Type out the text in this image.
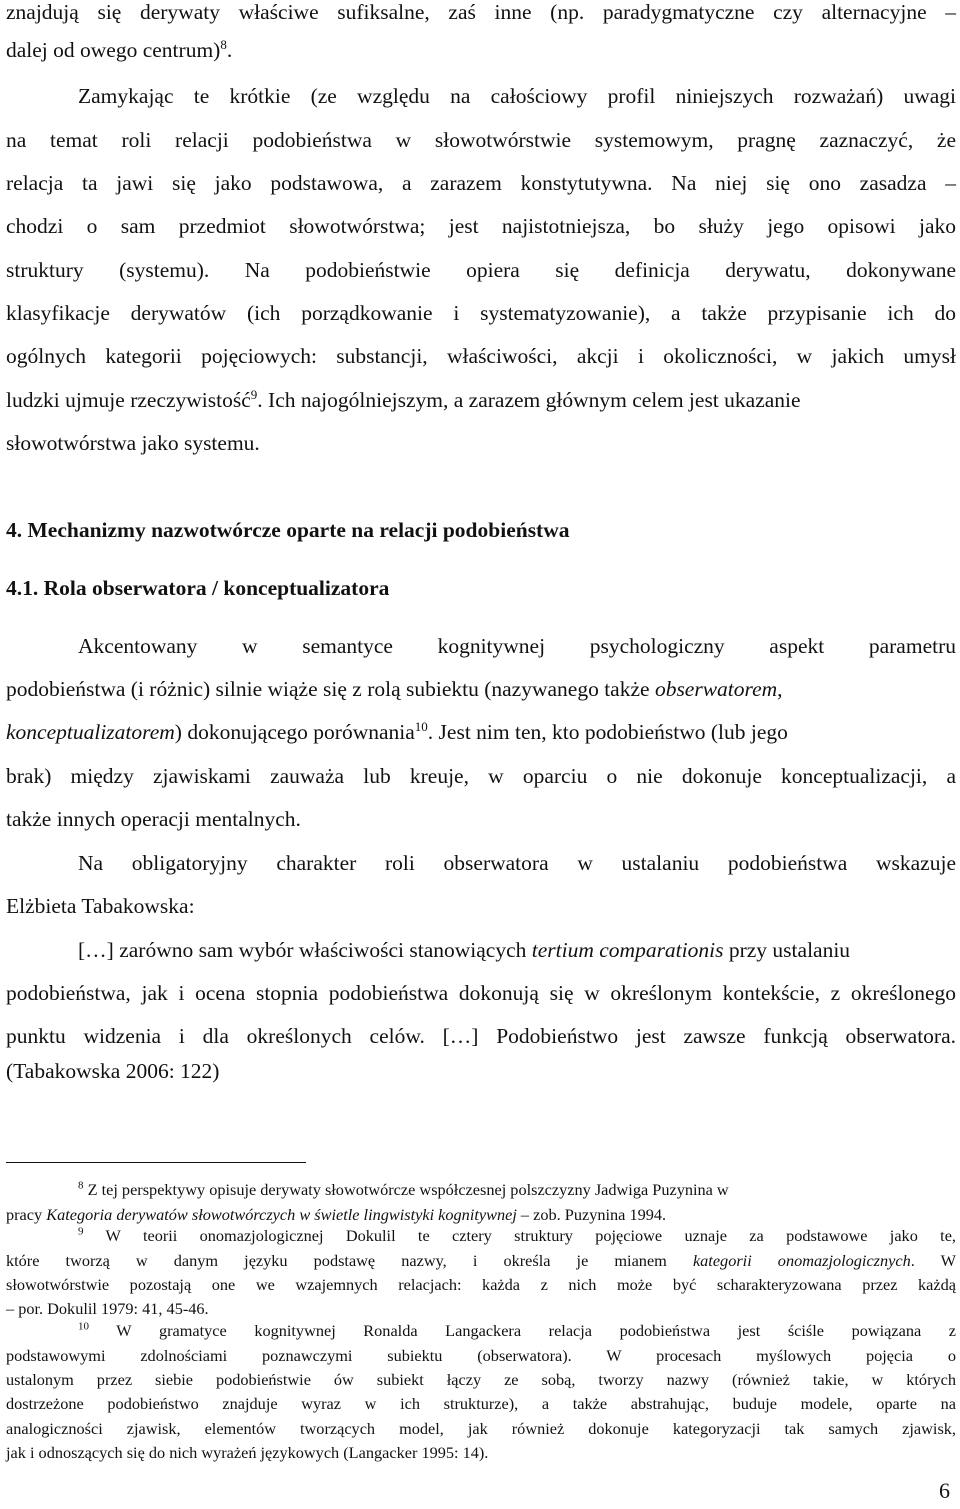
znajdują się derywaty właściwe sufiksalne, zaś inne (np. paradygmatyczne czy alternacyjne –
dalej od owego centrum)$^8$.
Zamykając te krótkie (ze względu na całościowy profil niniejszych rozważań) uwagi
na temat roli relacji podobieństwa w słowotwórstwie systemowym, pragnę zaznaczyć, że
relacja ta jawi się jako podstawowa, a zarazem konstytutywna. Na niej się ono zasadza –
chodzi o sam przedmiot słowotwórstwa; jest najistotniejsza, bo służy jego opisowi jako
struktury (systemu). Na podobieństwie opiera się definicja derywatu, dokonywane
klasyfikacje derywatów (ich porządkowanie i systematyzowanie), a także przypisanie ich do
ogólnych kategorii pojęciowych: substancji, właściwości, akcji i okoliczności, w jakich umysł
ludzki ujmuje rzeczywistość$^9$. Ich najogólniejszym, a zarazem głównym celem jest ukazanie
słowotwórstwa jako systemu.
4. Mechanizmy nazwotwórcze oparte na relacji podobieństwa
4.1. Rola obserwatora / konceptualizatora
Akcentowany w semantyce kognitywnej psychologiczny aspekt parametru
podobieństwa (i różnic) silnie wiąże się z rolą subiektu (nazywanego także obserwatorem,
konceptualizatorem) dokonującego porównania$^{10}$. Jest nim ten, kto podobieństwo (lub jego
brak) między zjawiskami zauważa lub kreuje, w oparciu o nie dokonuje konceptualizacji, a
także innych operacji mentalnych.
Na obligatoryjny charakter roli obserwatora w ustalaniu podobieństwa wskazuje
Elżbieta Tabakowska:
[…] zarówno sam wybór właściwości stanowiących tertium comparationis przy ustalaniu
podobieństwa, jak i ocena stopnia podobieństwa dokonują się w określonym kontekście, z określonego
punktu widzenia i dla określonych celów. […] Podobieństwo jest zawsze funkcją obserwatora.
(Tabakowska 2006: 122)
$^8$ Z tej perspektywy opisuje derywaty słowotwórcze współczesnej polszczyzny Jadwiga Puzynina w
pracy Kategoria derywatów słowotwórczych w świetle lingwistyki kognitywnej – zob. Puzynina 1994.
$^9$ W teorii onomazjologicznej Dokulil te cztery struktury pojęciowe uznaje za podstawowe jako te,
które tworzą w danym języku podstawę nazwy, i określa je mianem kategorii onomazjologicznych. W
słowotwórstwie pozostają one we wzajemnych relacjach: każda z nich może być scharakteryzowana przez każdą
– por. Dokulil 1979: 41, 45-46.
$^{10}$ W gramatyce kognitywnej Ronalda Langackera relacja podobieństwa jest ściśle powiązana z
podstawowymi zdolnościami poznawczymi subiektu (obserwatora). W procesach myślowych pojęcia o
ustalonym przez siebie podobieństwie ów subiekt łączy ze sobą, tworzy nazwy (również takie, w których
dostrzeżone podobieństwo znajduje wyraz w ich strukturze), a także abstrahując, buduje modele, oparte na
analogiczności zjawisk, elementów tworzących model, jak również dokonuje kategoryzacji tak samych zjawisk,
jak i odnoszących się do nich wyrażeń językowych (Langacker 1995: 14).
6
